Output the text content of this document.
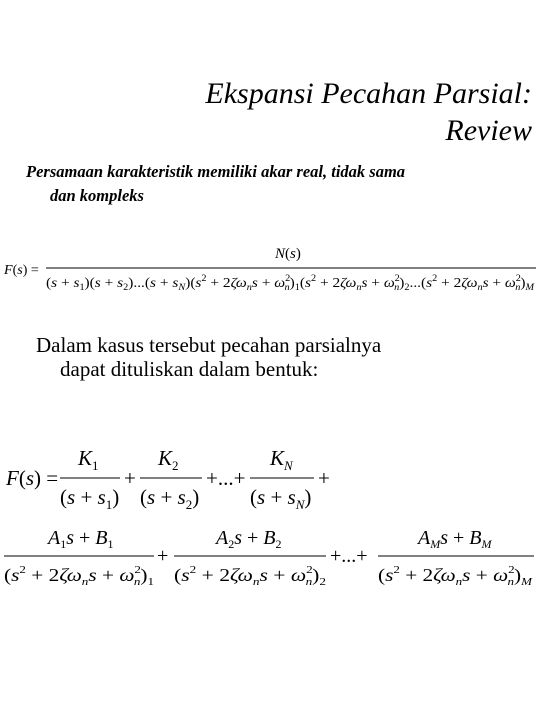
Ekspansi Pecahan Parsial:
Review
Persamaan karakteristik memiliki akar real, tidak sama
dan kompleks
F(s) =
N(s)
$(s + s_1)(s + s_2)$...( $s + s_N)(s^2 + 2$ ζω $_ns + \omega^2$ $n)_1(s^2 + 2$ ζω $_ns + \omega^2$ $n)_2$...( $s^2 + 2$ ζω $_ns + \omega^2$ $n)_M$
Dalam kasus tersebut pecahan parsialnya
dapat dituliskan dalam bentuk:
F(s) =
$K_1$
$(s + s_1)$
+
$K_2$
$(s + s_2)$
+...+
$K_N$
$(s + s_N)$
+
$A_1s + B_1$
($s^2 + 2$ ζω $_n$s + ω $^2$ $n)_1$
+
$A_2s + B_2$
($s^2 + 2$ ζω $_n$s + ω $^2$ $n)_2$
+...+
$A_Ms + B_M$
($s^2 + 2$ ζω $_n$s + ω $^2$ $n)_M$
